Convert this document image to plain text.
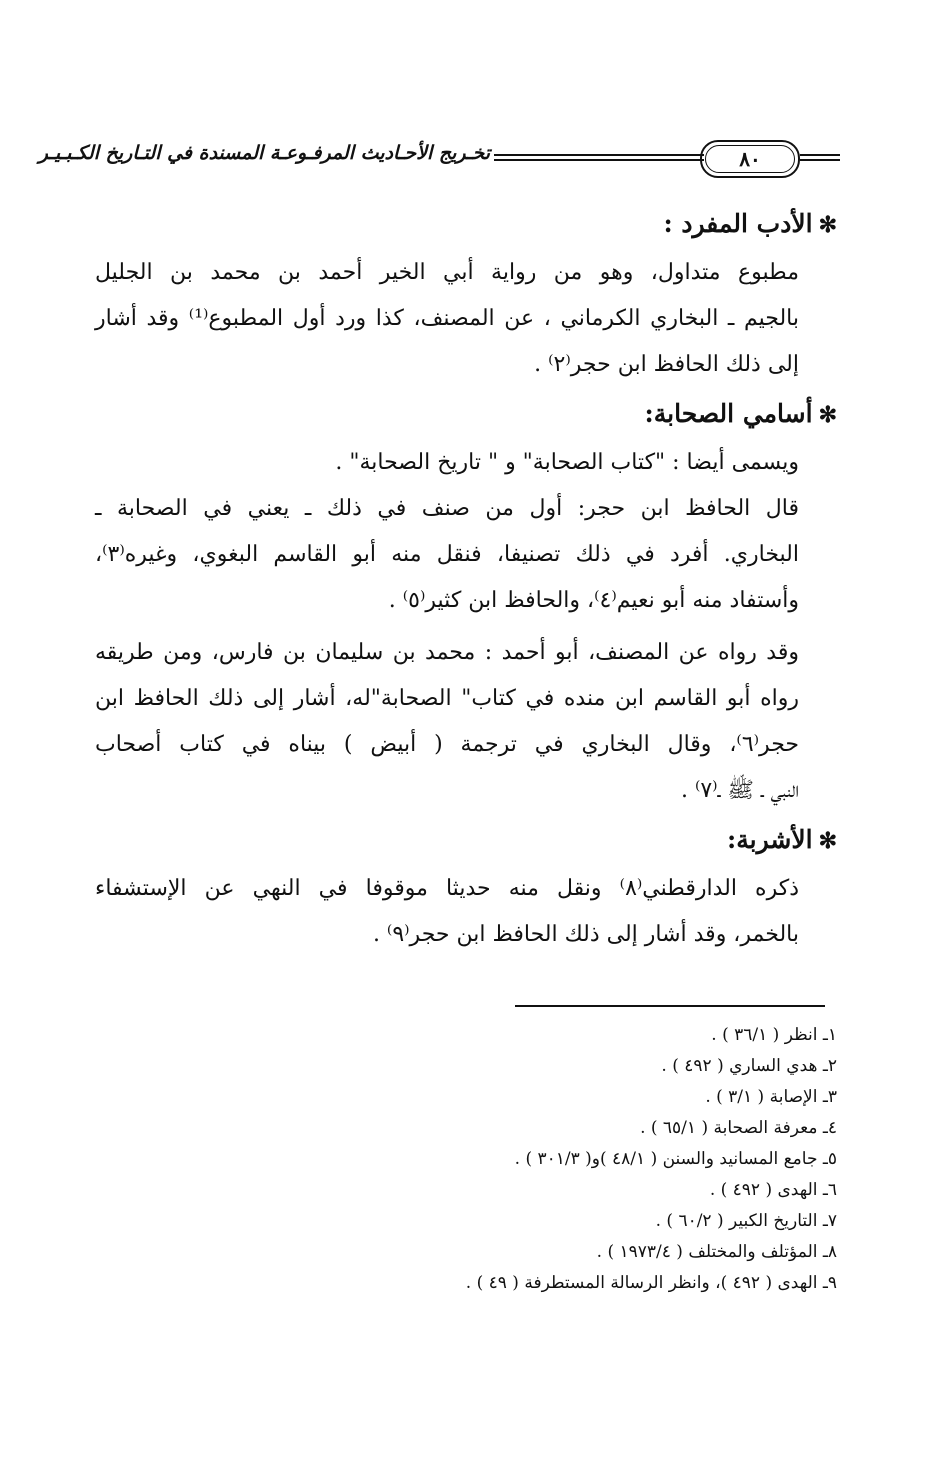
٨٠
تخـريج الأحـاديث المرفـوعـة المسندة في التـاريخ الكـبـيـر
✻الأدب المفرد :

مطبوع متداول، وهو من رواية أبي الخير أحمد بن محمد بن الجليل
بالجيم ـ البخاري الكرماني ، عن المصنف، كذا ورد أول المطبوع⁽¹⁾ وقد أشار
إلى ذلك الحافظ ابن حجر⁽٢⁾ .

✻أسامي الصحابة:

ويسمى أيضا : "كتاب الصحابة" و " تاريخ الصحابة" .

قال الحافظ ابن حجر: أول من صنف في ذلك ـ يعني في الصحابة ـ
البخاري. أفرد في ذلك تصنيفا، فنقل منه أبو القاسم البغوي، وغيره⁽٣⁾،
وأستفاد منه أبو نعيم⁽٤⁾، والحافظ ابن كثير⁽٥⁾ .

وقد رواه عن المصنف، أبو أحمد : محمد بن سليمان بن فارس، ومن طريقه
رواه أبو القاسم ابن منده في كتاب" الصحابة"له، أشار إلى ذلك الحافظ ابن
حجر⁽٦⁾، وقال البخاري في ترجمة ( أبيض ) بيناه في كتاب أصحاب
النبي ـ ﷺ ـ⁽٧⁾ .

✻الأشربة:

ذكره الدارقطني⁽٨⁾ ونقل منه حديثا موقوفا في النهي عن الإستشفاء
بالخمر، وقد أشار إلى ذلك الحافظ ابن حجر⁽٩⁾ .

١ـ انظر ( ٣٦/١ ) .
٢ـ هدي الساري ( ٤٩٢ ) .
٣ـ الإصابة ( ٣/١ ) .
٤ـ معرفة الصحابة ( ٦٥/١ ) .
٥ـ جامع المسانيد والسنن ( ٤٨/١ )و( ٣٠١/٣ ) .
٦ـ الهدى ( ٤٩٢ ) .
٧ـ التاريخ الكبير ( ٦٠/٢ ) .
٨ـ المؤتلف والمختلف ( ١٩٧٣/٤ ) .
٩ـ الهدى ( ٤٩٢ )، وانظر الرسالة المستطرفة ( ٤٩ ) .
